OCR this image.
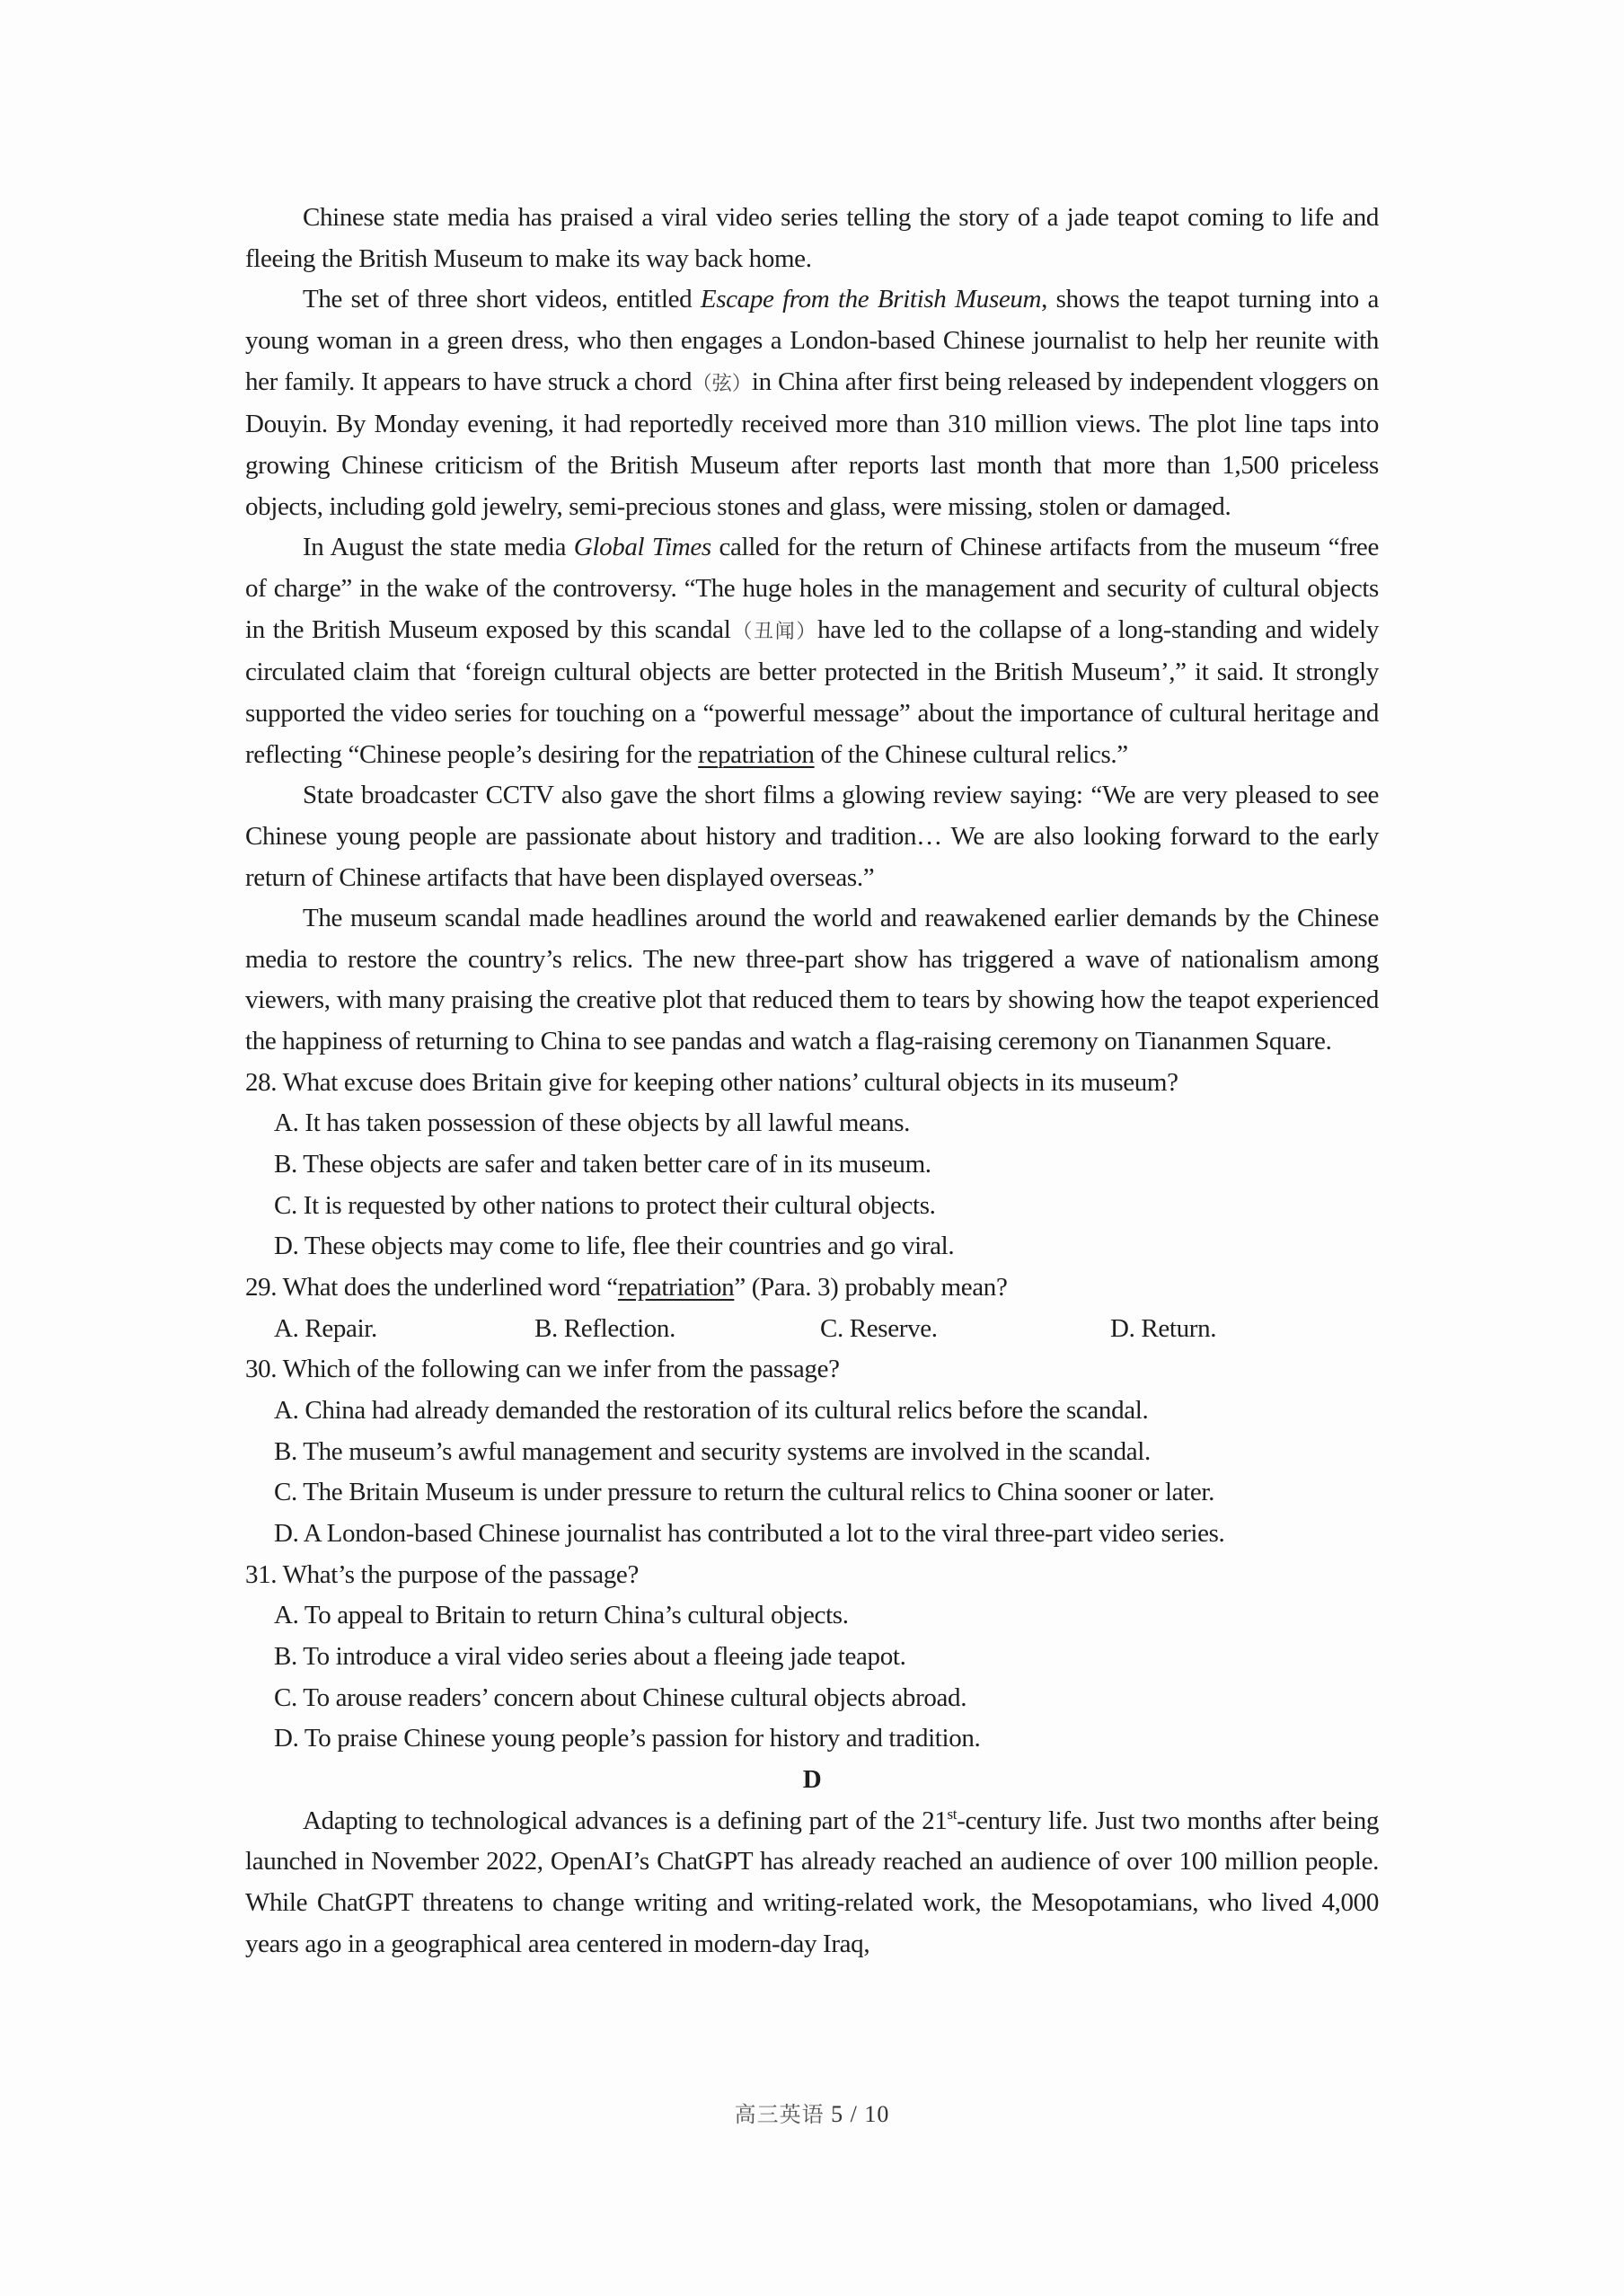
Chinese state media has praised a viral video series telling the story of a jade teapot coming to life and fleeing the British Museum to make its way back home.

The set of three short videos, entitled Escape from the British Museum, shows the teapot turning into a young woman in a green dress, who then engages a London-based Chinese journalist to help her reunite with her family. It appears to have struck a chord（弦）in China after first being released by independent vloggers on Douyin. By Monday evening, it had reportedly received more than 310 million views. The plot line taps into growing Chinese criticism of the British Museum after reports last month that more than 1,500 priceless objects, including gold jewelry, semi-precious stones and glass, were missing, stolen or damaged.

In August the state media Global Times called for the return of Chinese artifacts from the museum “free of charge” in the wake of the controversy. “The huge holes in the management and security of cultural objects in the British Museum exposed by this scandal（丑闻）have led to the collapse of a long-standing and widely circulated claim that ‘foreign cultural objects are better protected in the British Museum’,” it said. It strongly supported the video series for touching on a “powerful message” about the importance of cultural heritage and reflecting “Chinese people’s desiring for the repatriation of the Chinese cultural relics.”

State broadcaster CCTV also gave the short films a glowing review saying: “We are very pleased to see Chinese young people are passionate about history and tradition… We are also looking forward to the early return of Chinese artifacts that have been displayed overseas.”

The museum scandal made headlines around the world and reawakened earlier demands by the Chinese media to restore the country’s relics. The new three-part show has triggered a wave of nationalism among viewers, with many praising the creative plot that reduced them to tears by showing how the teapot experienced the happiness of returning to China to see pandas and watch a flag-raising ceremony on Tiananmen Square.

28. What excuse does Britain give for keeping other nations’ cultural objects in its museum?

A. It has taken possession of these objects by all lawful means.
B. These objects are safer and taken better care of in its museum.
C. It is requested by other nations to protect their cultural objects.
D. These objects may come to life, flee their countries and go viral.

29. What does the underlined word “repatriation” (Para. 3) probably mean?

A. Repair.	B. Reflection.	C. Reserve.	D. Return.

30. Which of the following can we infer from the passage?

A. China had already demanded the restoration of its cultural relics before the scandal.
B. The museum’s awful management and security systems are involved in the scandal.
C. The Britain Museum is under pressure to return the cultural relics to China sooner or later.
D. A London-based Chinese journalist has contributed a lot to the viral three-part video series.

31. What’s the purpose of the passage?

A. To appeal to Britain to return China’s cultural objects.
B. To introduce a viral video series about a fleeing jade teapot.
C. To arouse readers’ concern about Chinese cultural objects abroad.
D. To praise Chinese young people’s passion for history and tradition.

D

Adapting to technological advances is a defining part of the 21st-century life. Just two months after being launched in November 2022, OpenAI’s ChatGPT has already reached an audience of over 100 million people. While ChatGPT threatens to change writing and writing-related work, the Mesopotamians, who lived 4,000 years ago in a geographical area centered in modern-day Iraq,

高三英语 5 / 10
